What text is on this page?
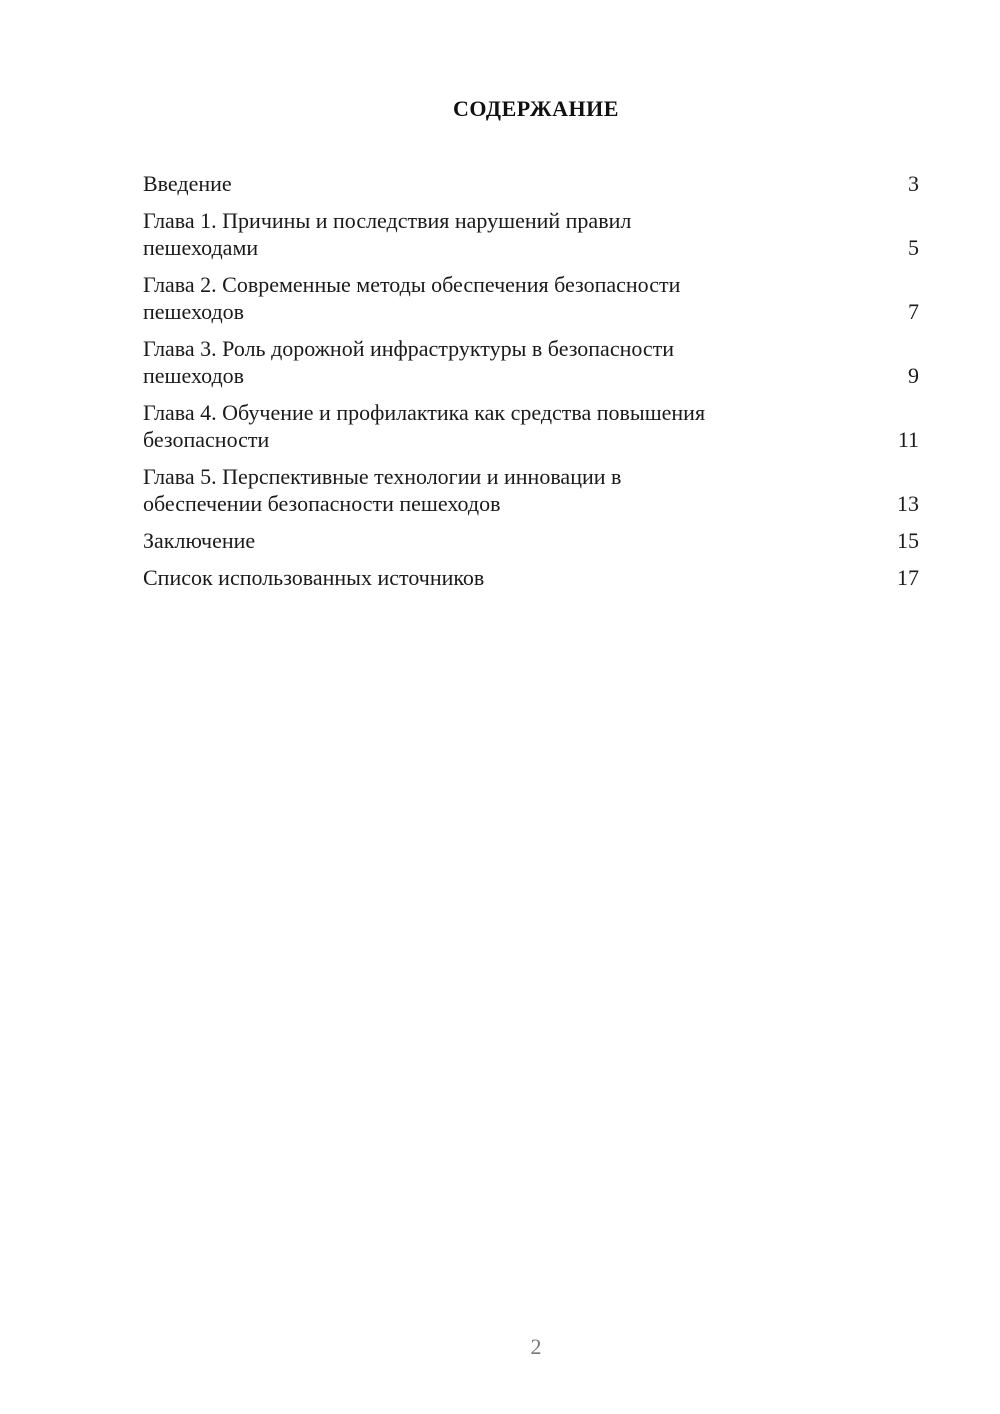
СОДЕРЖАНИЕ
Введение	3
Глава 1. Причины и последствия нарушений правил пешеходами	5
Глава 2. Современные методы обеспечения безопасности пешеходов	7
Глава 3. Роль дорожной инфраструктуры в безопасности пешеходов	9
Глава 4. Обучение и профилактика как средства повышения безопасности	11
Глава 5. Перспективные технологии и инновации в обеспечении безопасности пешеходов	13
Заключение	15
Список использованных источников	17
2
